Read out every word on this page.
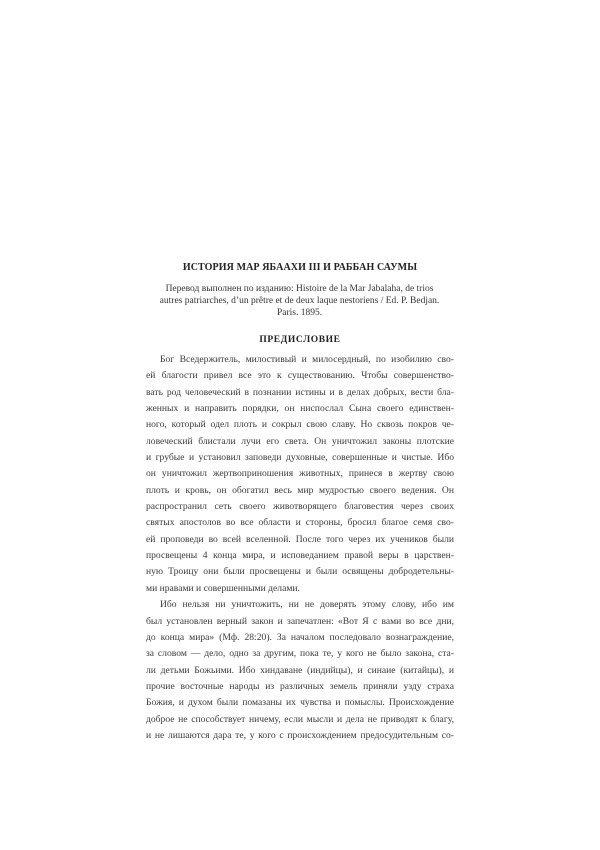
ИСТОРИЯ МАР ЯБААХИ III И РАББАН САУМЫ
Перевод выполнен по изданию: Histoire de la Mar Jabalaha, de trios
autres patriarches, d’un prȇtre et de deux laque nestoriens / Ed. P. Bedjan.
Paris. 1895.
ПРЕДИСЛОВИЕ
Бог Вседержитель, милостивый и милосердный, по изобилию сво-
ей благости привел все это к существованию. Чтобы совершенство-
вать род человеческий в познании истины и в делах добрых, вести бла-
женных и направить порядки, он ниспослал Сына своего единствен-
ного, который одел плоть и сокрыл свою славу. Но сквозь покров че-
ловеческий блистали лучи его света. Он уничтожил законы плотские
и грубые и установил заповеди духовные, совершенные и чистые. Ибо
он уничтожил жертвоприношения животных, принеся в жертву свою
плоть и кровь, он обогатил весь мир мудростью своего ведения. Он
распространил сеть своего животворящего благовестия через своих
святых апостолов во все области и стороны, бросил благое семя сво-
ей проповеди во всей вселенной. После того через их учеников были
просвещены 4 конца мира, и исповеданием правой веры в царствен-
ную Троицу они были просвещены и были освящены добродетельны-
ми нравами и совершенными делами.
Ибо нельзя ни уничтожить, ни не доверять этому слову, ибо им
был установлен верный закон и запечатлен: «Вот Я с вами во все дни,
до конца мира» (Мф. 28:20). За началом последовало вознаграждение,
за словом — дело, одно за другим, пока те, у кого не было закона, ста-
ли детьми Божьими. Ибо хиндаване (индийцы), и синаие (китайцы), и
прочие восточные народы из различных земель приняли узду страха
Божия, и духом были помазаны их чувства и помыслы. Происхождение
доброе не способствует ничему, если мысли и дела не приводят к благу,
и не лишаются дара те, у кого с происхождением предосудительным со-
